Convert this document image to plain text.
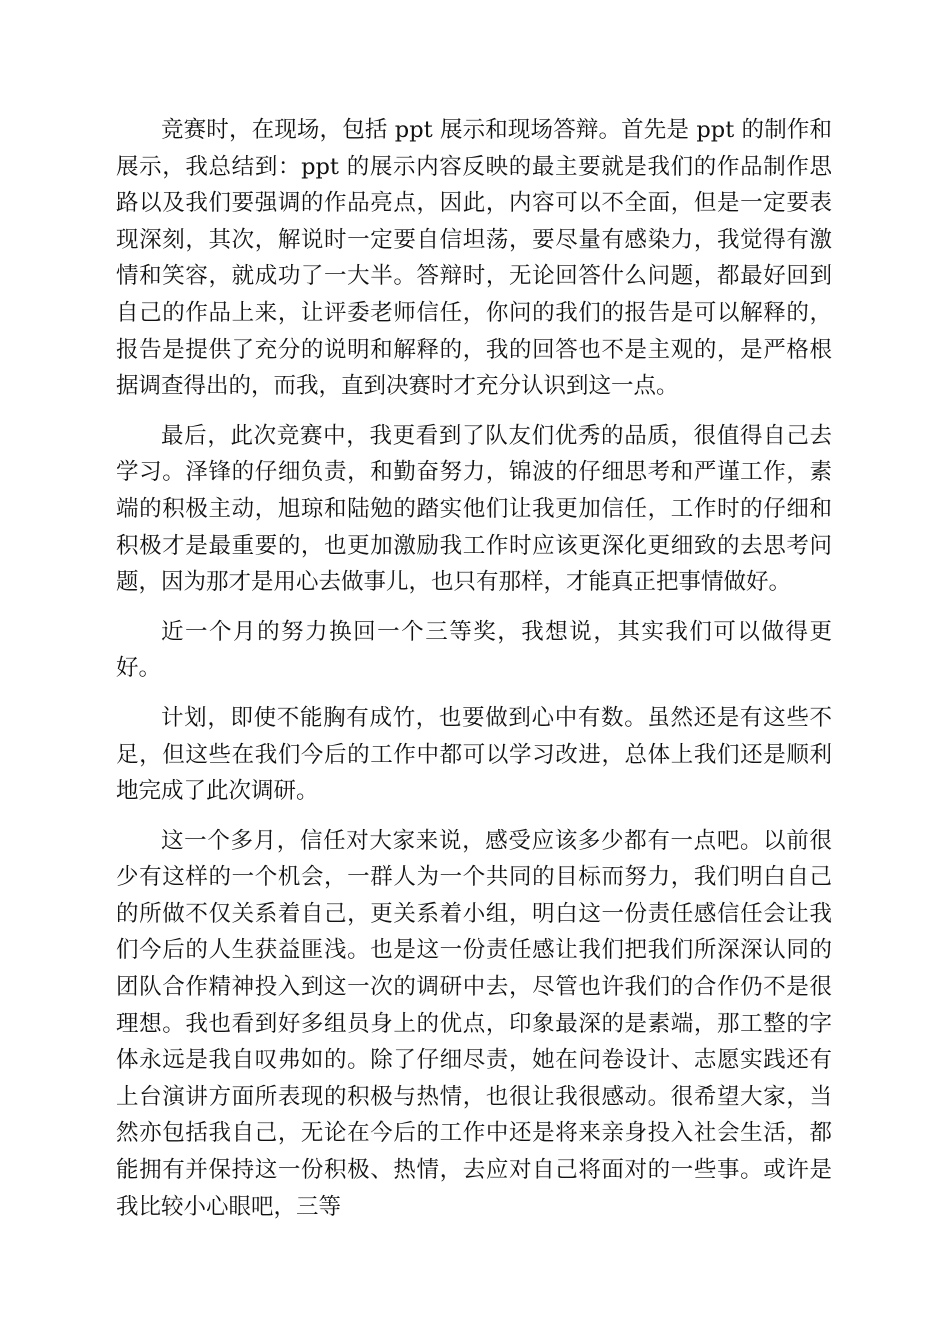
竞赛时，在现场，包括 ppt 展示和现场答辩。首先是 ppt 的制作和展示，我总结到：ppt 的展示内容反映的最主要就是我们的作品制作思路以及我们要强调的作品亮点，因此，内容可以不全面，但是一定要表现深刻，其次，解说时一定要自信坦荡，要尽量有感染力，我觉得有激情和笑容，就成功了一大半。答辩时，无论回答什么问题，都最好回到自己的作品上来，让评委老师信任，你问的我们的报告是可以解释的，报告是提供了充分的说明和解释的，我的回答也不是主观的，是严格根据调查得出的，而我，直到决赛时才充分认识到这一点。

最后，此次竞赛中，我更看到了队友们优秀的品质，很值得自己去学习。泽锋的仔细负责，和勤奋努力，锦波的仔细思考和严谨工作，素端的积极主动，旭琼和陆勉的踏实他们让我更加信任，工作时的仔细和积极才是最重要的，也更加激励我工作时应该更深化更细致的去思考问题，因为那才是用心去做事儿，也只有那样，才能真正把事情做好。

近一个月的努力换回一个三等奖，我想说，其实我们可以做得更好。

计划，即使不能胸有成竹，也要做到心中有数。虽然还是有这些不足，但这些在我们今后的工作中都可以学习改进，总体上我们还是顺利地完成了此次调研。

这一个多月，信任对大家来说，感受应该多少都有一点吧。以前很少有这样的一个机会，一群人为一个共同的目标而努力，我们明白自己的所做不仅关系着自己，更关系着小组，明白这一份责任感信任会让我们今后的人生获益匪浅。也是这一份责任感让我们把我们所深深认同的团队合作精神投入到这一次的调研中去，尽管也许我们的合作仍不是很理想。我也看到好多组员身上的优点，印象最深的是素端，那工整的字体永远是我自叹弗如的。除了仔细尽责，她在问卷设计、志愿实践还有上台演讲方面所表现的积极与热情，也很让我很感动。很希望大家，当然亦包括我自己，无论在今后的工作中还是将来亲身投入社会生活，都能拥有并保持这一份积极、热情，去应对自己将面对的一些事。或许是我比较小心眼吧，三等
